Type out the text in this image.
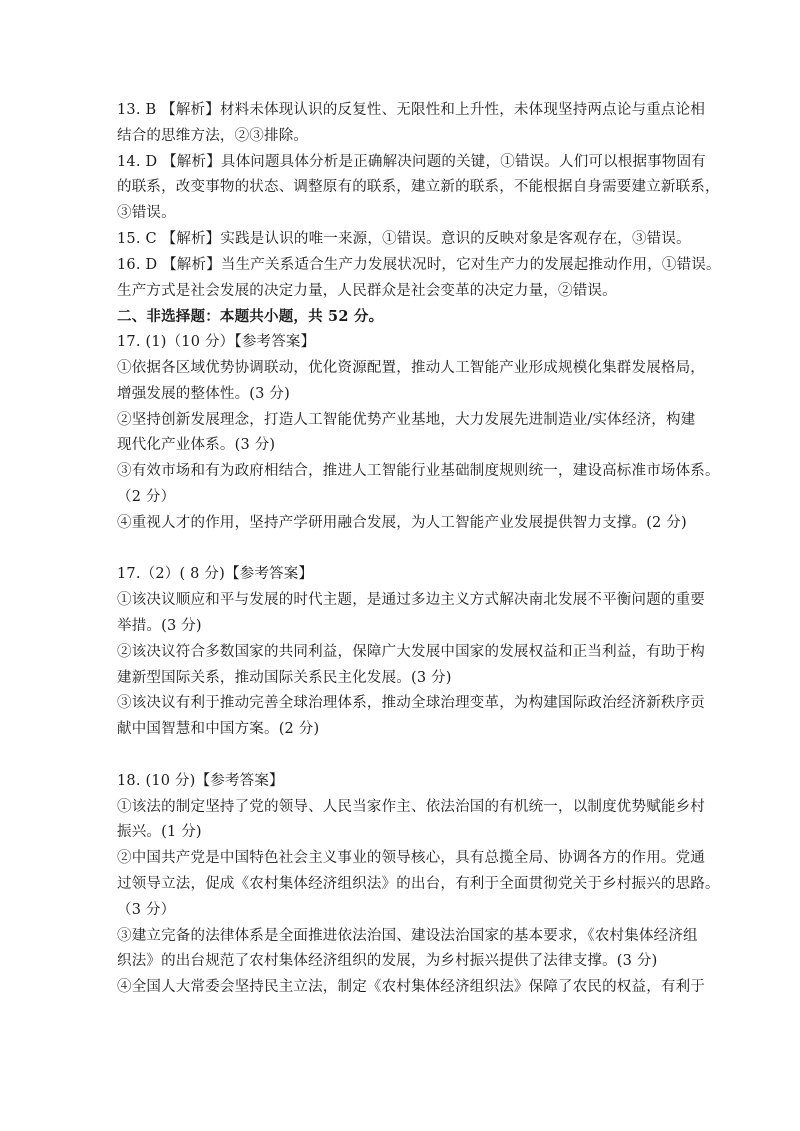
13. B 【解析】材料未体现认识的反复性、无限性和上升性，未体现坚持两点论与重点论相
结合的思维方法，②③排除。
14. D 【解析】具体问题具体分析是正确解决问题的关键，①错误。人们可以根据事物固有
的联系，改变事物的状态、调整原有的联系，建立新的联系，不能根据自身需要建立新联系，
③错误。
15. C 【解析】实践是认识的唯一来源，①错误。意识的反映对象是客观存在，③错误。
16. D 【解析】当生产关系适合生产力发展状况时，它对生产力的发展起推动作用，①错误。
生产方式是社会发展的决定力量，人民群众是社会变革的决定力量，②错误。
二、非选择题：本题共小题，共 52 分。
17. (1)（10 分）【参考答案】
①依据各区域优势协调联动，优化资源配置，推动人工智能产业形成规模化集群发展格局，
增强发展的整体性。(3 分)
②坚持创新发展理念，打造人工智能优势产业基地，大力发展先进制造业/实体经济，构建
现代化产业体系。(3 分)
③有效市场和有为政府相结合，推进人工智能行业基础制度规则统一，建设高标准市场体系。
（2 分）
④重视人才的作用，坚持产学研用融合发展，为人工智能产业发展提供智力支撑。(2 分)
17.（2）( 8 分)【参考答案】
①该决议顺应和平与发展的时代主题，是通过多边主义方式解决南北发展不平衡问题的重要
举措。(3 分)
②该决议符合多数国家的共同利益，保障广大发展中国家的发展权益和正当利益，有助于构
建新型国际关系，推动国际关系民主化发展。(3 分)
③该决议有利于推动完善全球治理体系，推动全球治理变革，为构建国际政治经济新秩序贡
献中国智慧和中国方案。(2 分)
18. (10 分)【参考答案】
①该法的制定坚持了党的领导、人民当家作主、依法治国的有机统一，以制度优势赋能乡村
振兴。(1 分)
②中国共产党是中国特色社会主义事业的领导核心，具有总揽全局、协调各方的作用。党通
过领导立法，促成《农村集体经济组织法》的出台，有利于全面贯彻党关于乡村振兴的思路。
（3 分）
③建立完备的法律体系是全面推进依法治国、建设法治国家的基本要求，《农村集体经济组
织法》的出台规范了农村集体经济组织的发展，为乡村振兴提供了法律支撑。(3 分)
④全国人大常委会坚持民主立法，制定《农村集体经济组织法》保障了农民的权益，有利于
